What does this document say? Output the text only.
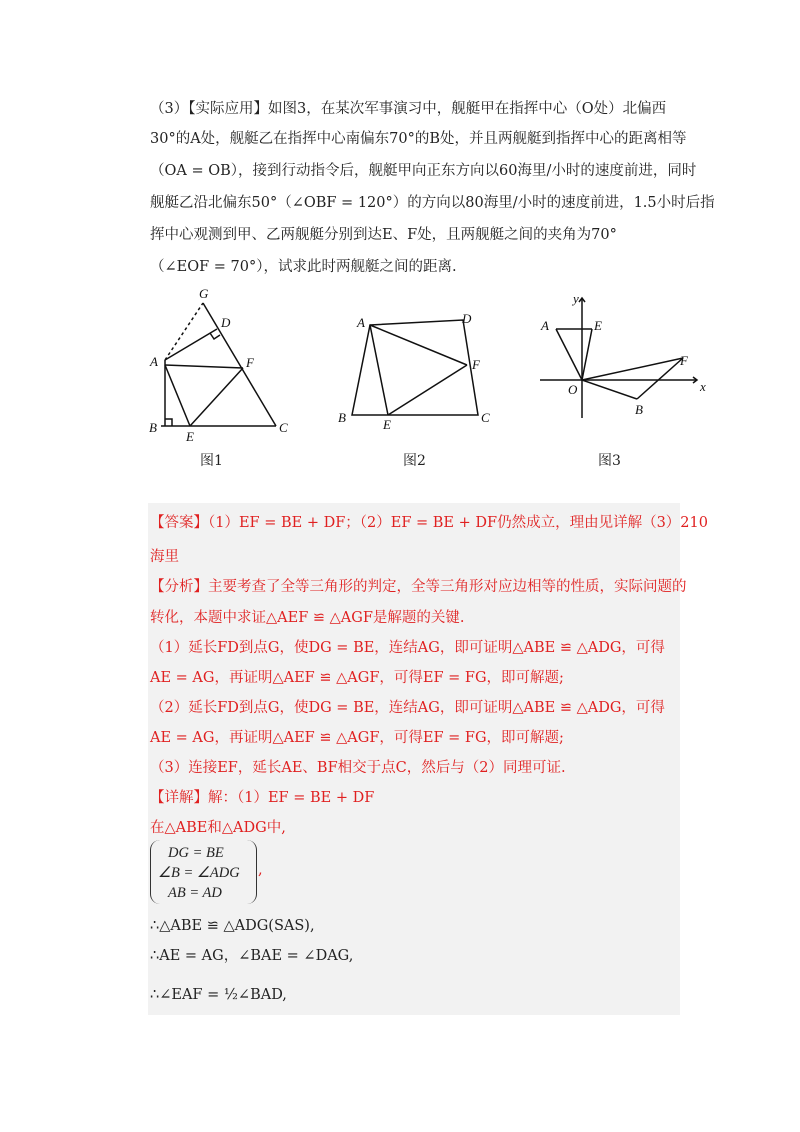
（3）【实际应用】如图3，在某次军事演习中，舰艇甲在指挥中心（O处）北偏西
30°的A处，舰艇乙在指挥中心南偏东70°的B处，并且两舰艇到指挥中心的距离相等
（OA = OB），接到行动指令后，舰艇甲向正东方向以60海里/小时的速度前进，同时
舰艇乙沿北偏东50°（∠OBF = 120°）的方向以80海里/小时的速度前进，1.5小时后指
挥中心观测到甲、乙两舰艇分别到达E、F处，且两舰艇之间的夹角为70°
（∠EOF = 70°），试求此时两舰艇之间的距离.
G
D
A	F
B
E
C
图1
A	D
F
B	E	C
图2
y
A	E
F
O	x
B
图3
【答案】（1）EF = BE + DF；（2）EF = BE + DF仍然成立，理由见详解（3）210
海里
【分析】主要考查了全等三角形的判定，全等三角形对应边相等的性质，实际问题的
转化，本题中求证△AEF ≌ △AGF是解题的关键.
（1）延长FD到点G，使DG = BE，连结AG，即可证明△ABE ≌ △ADG，可得
AE = AG，再证明△AEF ≌ △AGF，可得EF = FG，即可解题;
（2）延长FD到点G，使DG = BE，连结AG，即可证明△ABE ≌ △ADG，可得
AE = AG，再证明△AEF ≌ △AGF，可得EF = FG，即可解题;
（3）连接EF，延长AE、BF相交于点C，然后与（2）同理可证.
【详解】解：（1）EF = BE + DF
在△ABE和△ADG中,
DG = BE
∠B = ∠ADG
AB = AD
,
∴△ABE ≌ △ADG(SAS),
∴AE = AG，∠BAE = ∠DAG,
∴∠EAF = ½∠BAD,
